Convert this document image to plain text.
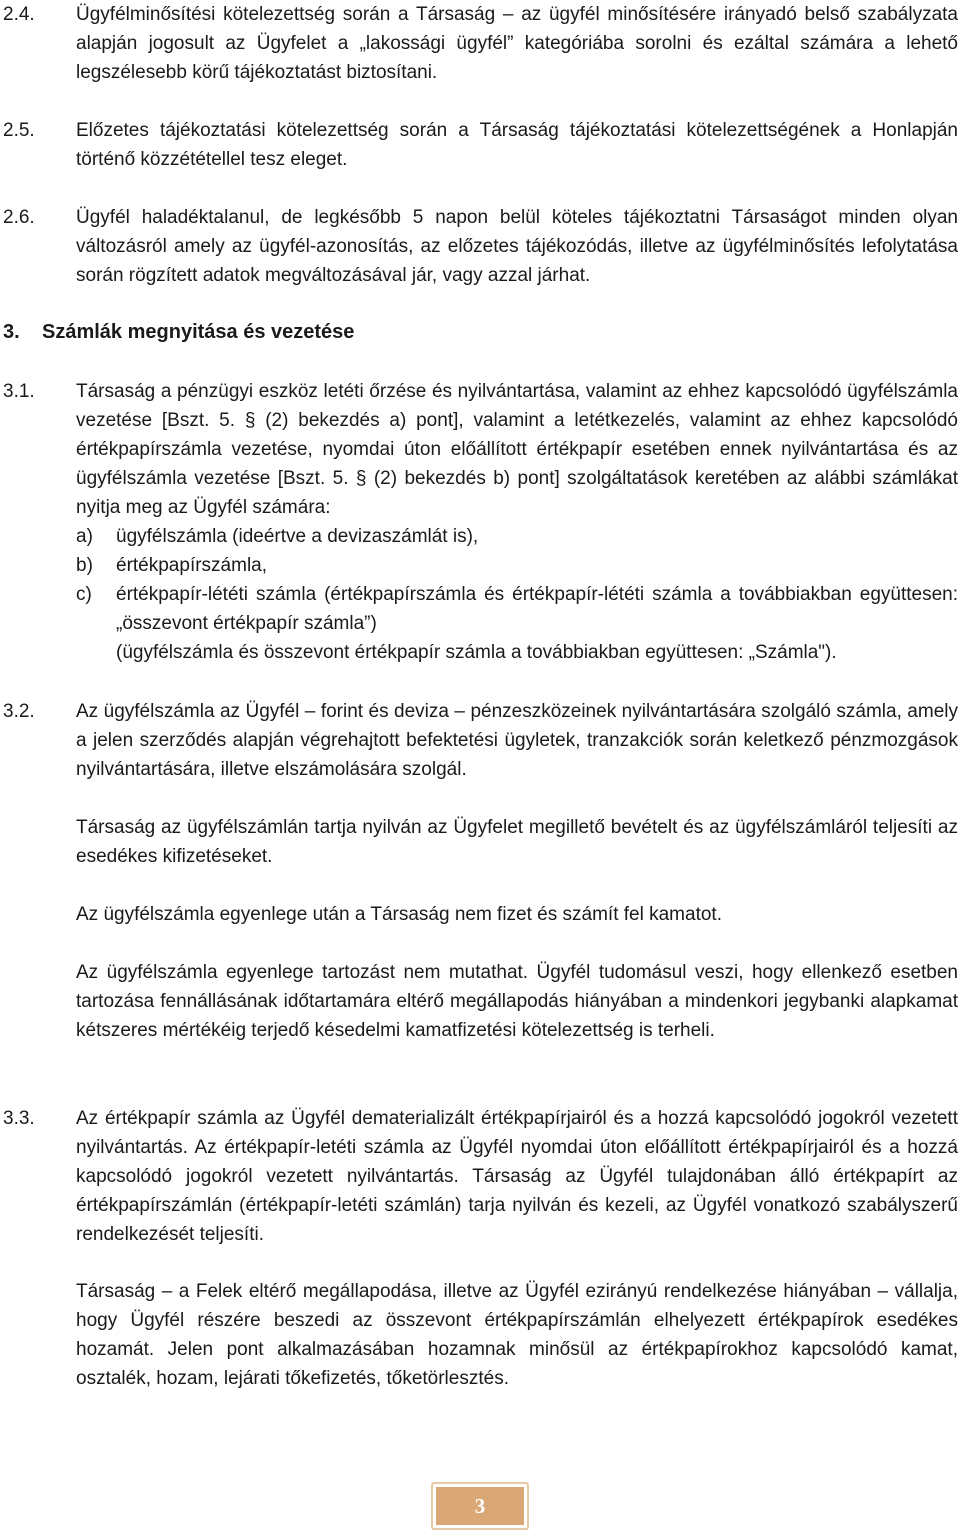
2.4. Ügyfélminősítési kötelezettség során a Társaság – az ügyfél minősítésére irányadó belső szabályzata alapján jogosult az Ügyfelet a „lakossági ügyfél” kategóriába sorolni és ezáltal számára a lehető legszélesebb körű tájékoztatást biztosítani.
2.5. Előzetes tájékoztatási kötelezettség során a Társaság tájékoztatási kötelezettségének a Honlapján történő közzététellel tesz eleget.
2.6. Ügyfél haladéktalanul, de legkésőbb 5 napon belül köteles tájékoztatni Társaságot minden olyan változásról amely az ügyfél-azonosítás, az előzetes tájékozódás, illetve az ügyfélminősítés lefolytatása során rögzített adatok megváltozásával jár, vagy azzal járhat.
3. Számlák megnyitása és vezetése
3.1. Társaság a pénzügyi eszköz letéti őrzése és nyilvántartása, valamint az ehhez kapcsolódó ügyfélszámla vezetése [Bszt. 5. § (2) bekezdés a) pont], valamint a letétkezelés, valamint az ehhez kapcsolódó értékpapírszámla vezetése, nyomdai úton előállított értékpapír esetében ennek nyilvántartása és az ügyfélszámla vezetése [Bszt. 5. § (2) bekezdés b) pont] szolgáltatások keretében az alábbi számlákat nyitja meg az Ügyfél számára:
a) ügyfélszámla (ideértve a devizaszámlát is),
b) értékpapírszámla,
c) értékpapír-lététi számla (értékpapírszámla és értékpapír-lététi számla a továbbiakban együttesen: „összevont értékpapír számla”)
(ügyfélszámla és összevont értékpapír számla a továbbiakban együttesen: „Számla").
3.2. Az ügyfélszámla az Ügyfél – forint és deviza – pénzeszközeinek nyilvántartására szolgáló számla, amely a jelen szerződés alapján végrehajtott befektetési ügyletek, tranzakciók során keletkező pénzmozgások nyilvántartására, illetve elszámolására szolgál.
Társaság az ügyfélszámlán tartja nyilván az Ügyfelet megillető bevételt és az ügyfélszámláról teljesíti az esedékes kifizetéseket.
Az ügyfélszámla egyenlege után a Társaság nem fizet és számít fel kamatot.
Az ügyfélszámla egyenlege tartozást nem mutathat. Ügyfél tudomásul veszi, hogy ellenkező esetben tartozása fennállásának időtartamára eltérő megállapodás hiányában a mindenkori jegybanki alapkamat kétszeres mértékéig terjedő késedelmi kamatfizetési kötelezettség is terheli.
3.3. Az értékpapír számla az Ügyfél dematerializált értékpapírjairól és a hozzá kapcsolódó jogokról vezetett nyilvántartás. Az értékpapír-letéti számla az Ügyfél nyomdai úton előállított értékpapírjairól és a hozzá kapcsolódó jogokról vezetett nyilvántartás. Társaság az Ügyfél tulajdonában álló értékpapírt az értékpapírszámlán (értékpapír-letéti számlán) tarja nyilván és kezeli, az Ügyfél vonatkozó szabályszerű rendelkezését teljesíti.
Társaság – a Felek eltérő megállapodása, illetve az Ügyfél ezirányú rendelkezése hiányában – vállalja, hogy Ügyfél részére beszedi az összevont értékpapírszámlán elhelyezett értékpapírok esedékes hozamát. Jelen pont alkalmazásában hozamnak minősül az értékpapírokhoz kapcsolódó kamat, osztalék, hozam, lejárati tőkefizetés, tőketörlesztés.
3
